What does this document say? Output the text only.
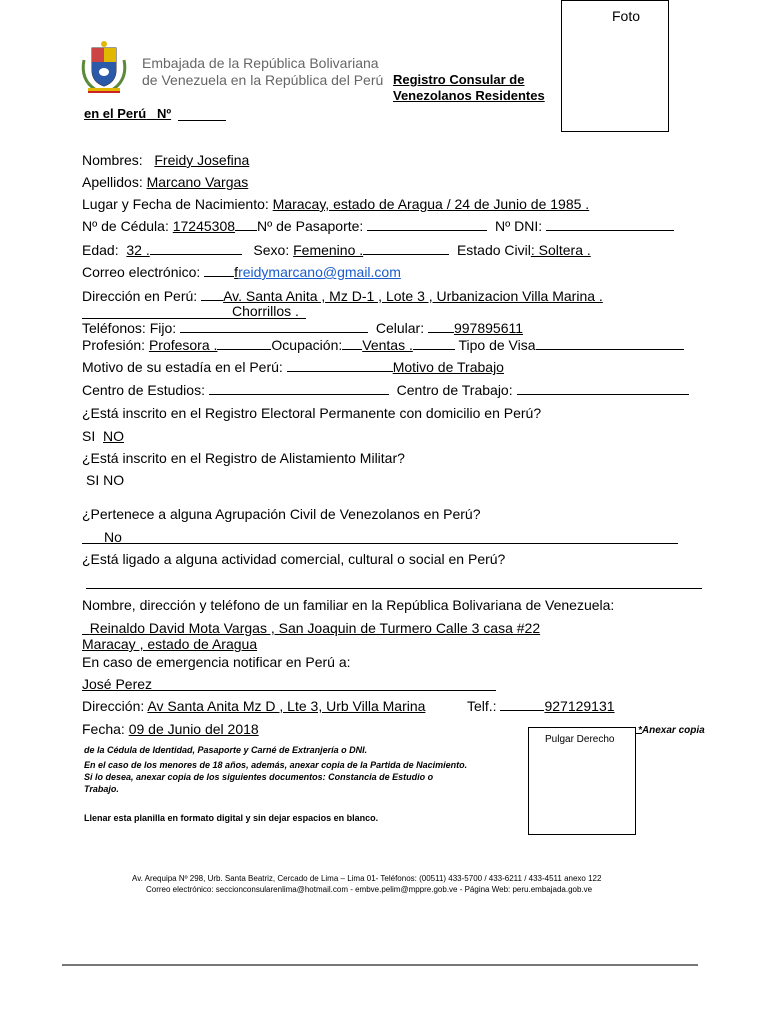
Embajada de la República Bolivariana
de Venezuela en la República del Perú Registro Consular de
Venezolanos Residentes
en el Perú Nº
Foto
Nombres: Freidy Josefina
Apellidos: Marcano Vargas
Lugar y Fecha de Nacimiento: Maracay, estado de Aragua / 24 de Junio de 1985 .
Nº de Cédula: 17245308 Nº de Pasaporte:	Nº DNI:
Edad: 32 .	Sexo: Femenino .	Estado Civil: Soltera .
Correo electrónico: freidymarcano@gmail.com
Dirección en Perú: Av. Santa Anita , Mz D-1 , Lote 3 , Urbanizacion Villa Marina .
Chorrillos .
Teléfonos: Fijo:	Celular: 997895611
Profesión: Profesora .	Ocupación: Ventas .	Tipo de Visa
Motivo de su estadía en el Perú:	Motivo de Trabajo
Centro de Estudios:	Centro de Trabajo:
¿Está inscrito en el Registro Electoral Permanente con domicilio en Perú?
SI NO
¿Está inscrito en el Registro de Alistamiento Militar?
SI NO
¿Pertenece a alguna Agrupación Civil de Venezolanos en Perú?
No
¿Está ligado a alguna actividad comercial, cultural o social en Perú?
Nombre, dirección y teléfono de un familiar en la República Bolivariana de Venezuela:
Reinaldo David Mota Vargas , San Joaquin de Turmero Calle 3 casa #22
Maracay , estado de Aragua
En caso de emergencia notificar en Perú a:
José Perez
Dirección: Av Santa Anita Mz D , Lte 3, Urb Villa Marina	Telf.:	927129131
Fecha: 09 de Junio del 2018
Pulgar Derecho
*Anexar copia
de la Cédula de Identidad, Pasaporte y Carné de Extranjería o DNI.
En el caso de los menores de 18 años, además, anexar copia de la Partida de Nacimiento.
Si lo desea, anexar copia de los siguientes documentos: Constancia de Estudio o
Trabajo.
Llenar esta planilla en formato digital y sin dejar espacios en blanco.
Av. Arequipa Nº 298, Urb. Santa Beatriz, Cercado de Lima – Lima 01- Teléfonos: (00511) 433-5700 / 433-6211 / 433-4511 anexo 122
Correo electrónico: seccionconsularenlima@hotmail.com - embve.pelim@mppre.gob.ve - Página Web: peru.embajada.gob.ve
